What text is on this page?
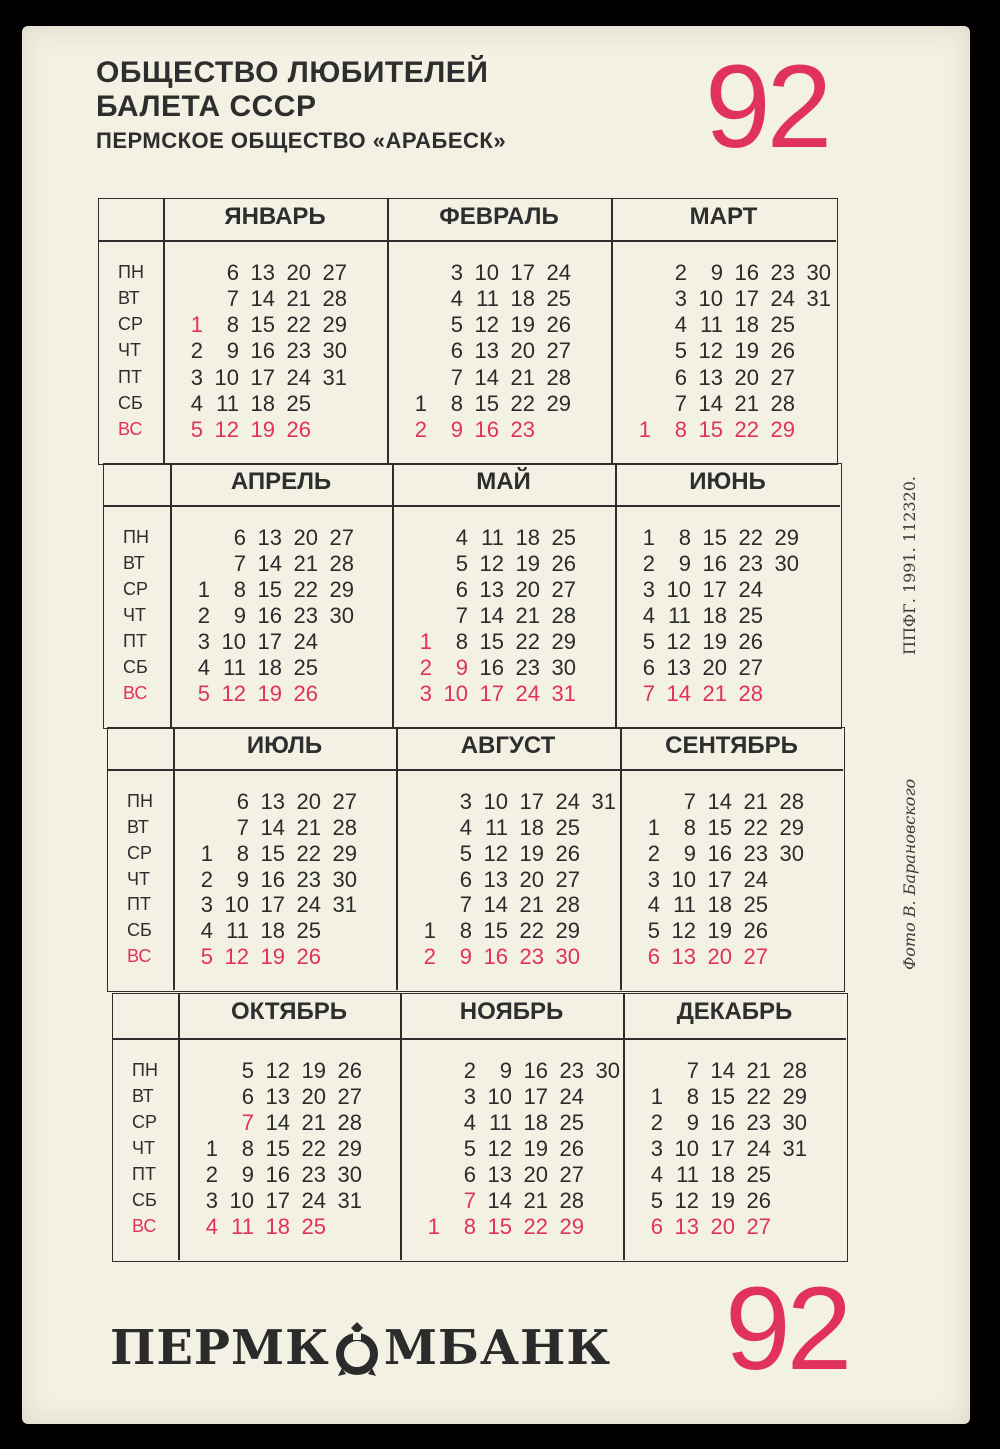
ОБЩЕСТВО ЛЮБИТЕЛЕЙ
БАЛЕТА СССР
ПЕРМСКОЕ ОБЩЕСТВО «АРАБЕСК» 92
92
ПН
ВТ
СР
ЧТ
ПТ
СБ
ВС
ЯНВАРЬ
1
2
3
4
5
6
7
8
9
10
11
12
13
14
15
16
17
18
19
20
21
22
23
24
25
26
27
28
29
30
31
ФЕВРАЛЬ
1
2
3
4
5
6
7
8
9
10
11
12
13
14
15
16
17
18
19
20
21
22
23
24
25
26
27
28
29
МАРТ
1
2
3
4
5
6
7
8
9
10
11
12
13
14
15
16
17
18
19
20
21
22
23
24
25
26
27
28
29
30
31
ПН
ВТ
СР
ЧТ
ПТ
СБ
ВС
АПРЕЛЬ
1
2
3
4
5
6
7
8
9
10
11
12
13
14
15
16
17
18
19
20
21
22
23
24
25
26
27
28
29
30
МАЙ
1
2
3
4
5
6
7
8
9
10
11
12
13
14
15
16
17
18
19
20
21
22
23
24
25
26
27
28
29
30
31
ИЮНЬ
1
2
3
4
5
6
7
8
9
10
11
12
13
14
15
16
17
18
19
20
21
22
23
24
25
26
27
28
29
30
ПН
ВТ
СР
ЧТ
ПТ
СБ
ВС
ИЮЛЬ
1
2
3
4
5
6
7
8
9
10
11
12
13
14
15
16
17
18
19
20
21
22
23
24
25
26
27
28
29
30
31
АВГУСТ
1
2
3
4
5
6
7
8
9
10
11
12
13
14
15
16
17
18
19
20
21
22
23
24
25
26
27
28
29
30
31
СЕНТЯБРЬ
1
2
3
4
5
6
7
8
9
10
11
12
13
14
15
16
17
18
19
20
21
22
23
24
25
26
27
28
29
30
ПН
ВТ
СР
ЧТ
ПТ
СБ
ВС
ОКТЯБРЬ
1
2
3
4
5
6
7
8
9
10
11
12
13
14
15
16
17
18
19
20
21
22
23
24
25
26
27
28
29
30
31
НОЯБРЬ
1
2
3
4
5
6
7
8
9
10
11
12
13
14
15
16
17
18
19
20
21
22
23
24
25
26
27
28
29
30
ДЕКАБРЬ
1
2
3
4
5
6
7
8
9
10
11
12
13
14
15
16
17
18
19
20
21
22
23
24
25
26
27
28
29
30
31
ПЕРМК МБАНК
ППФГ. 1991. 112320.
Фото В. Барановского
